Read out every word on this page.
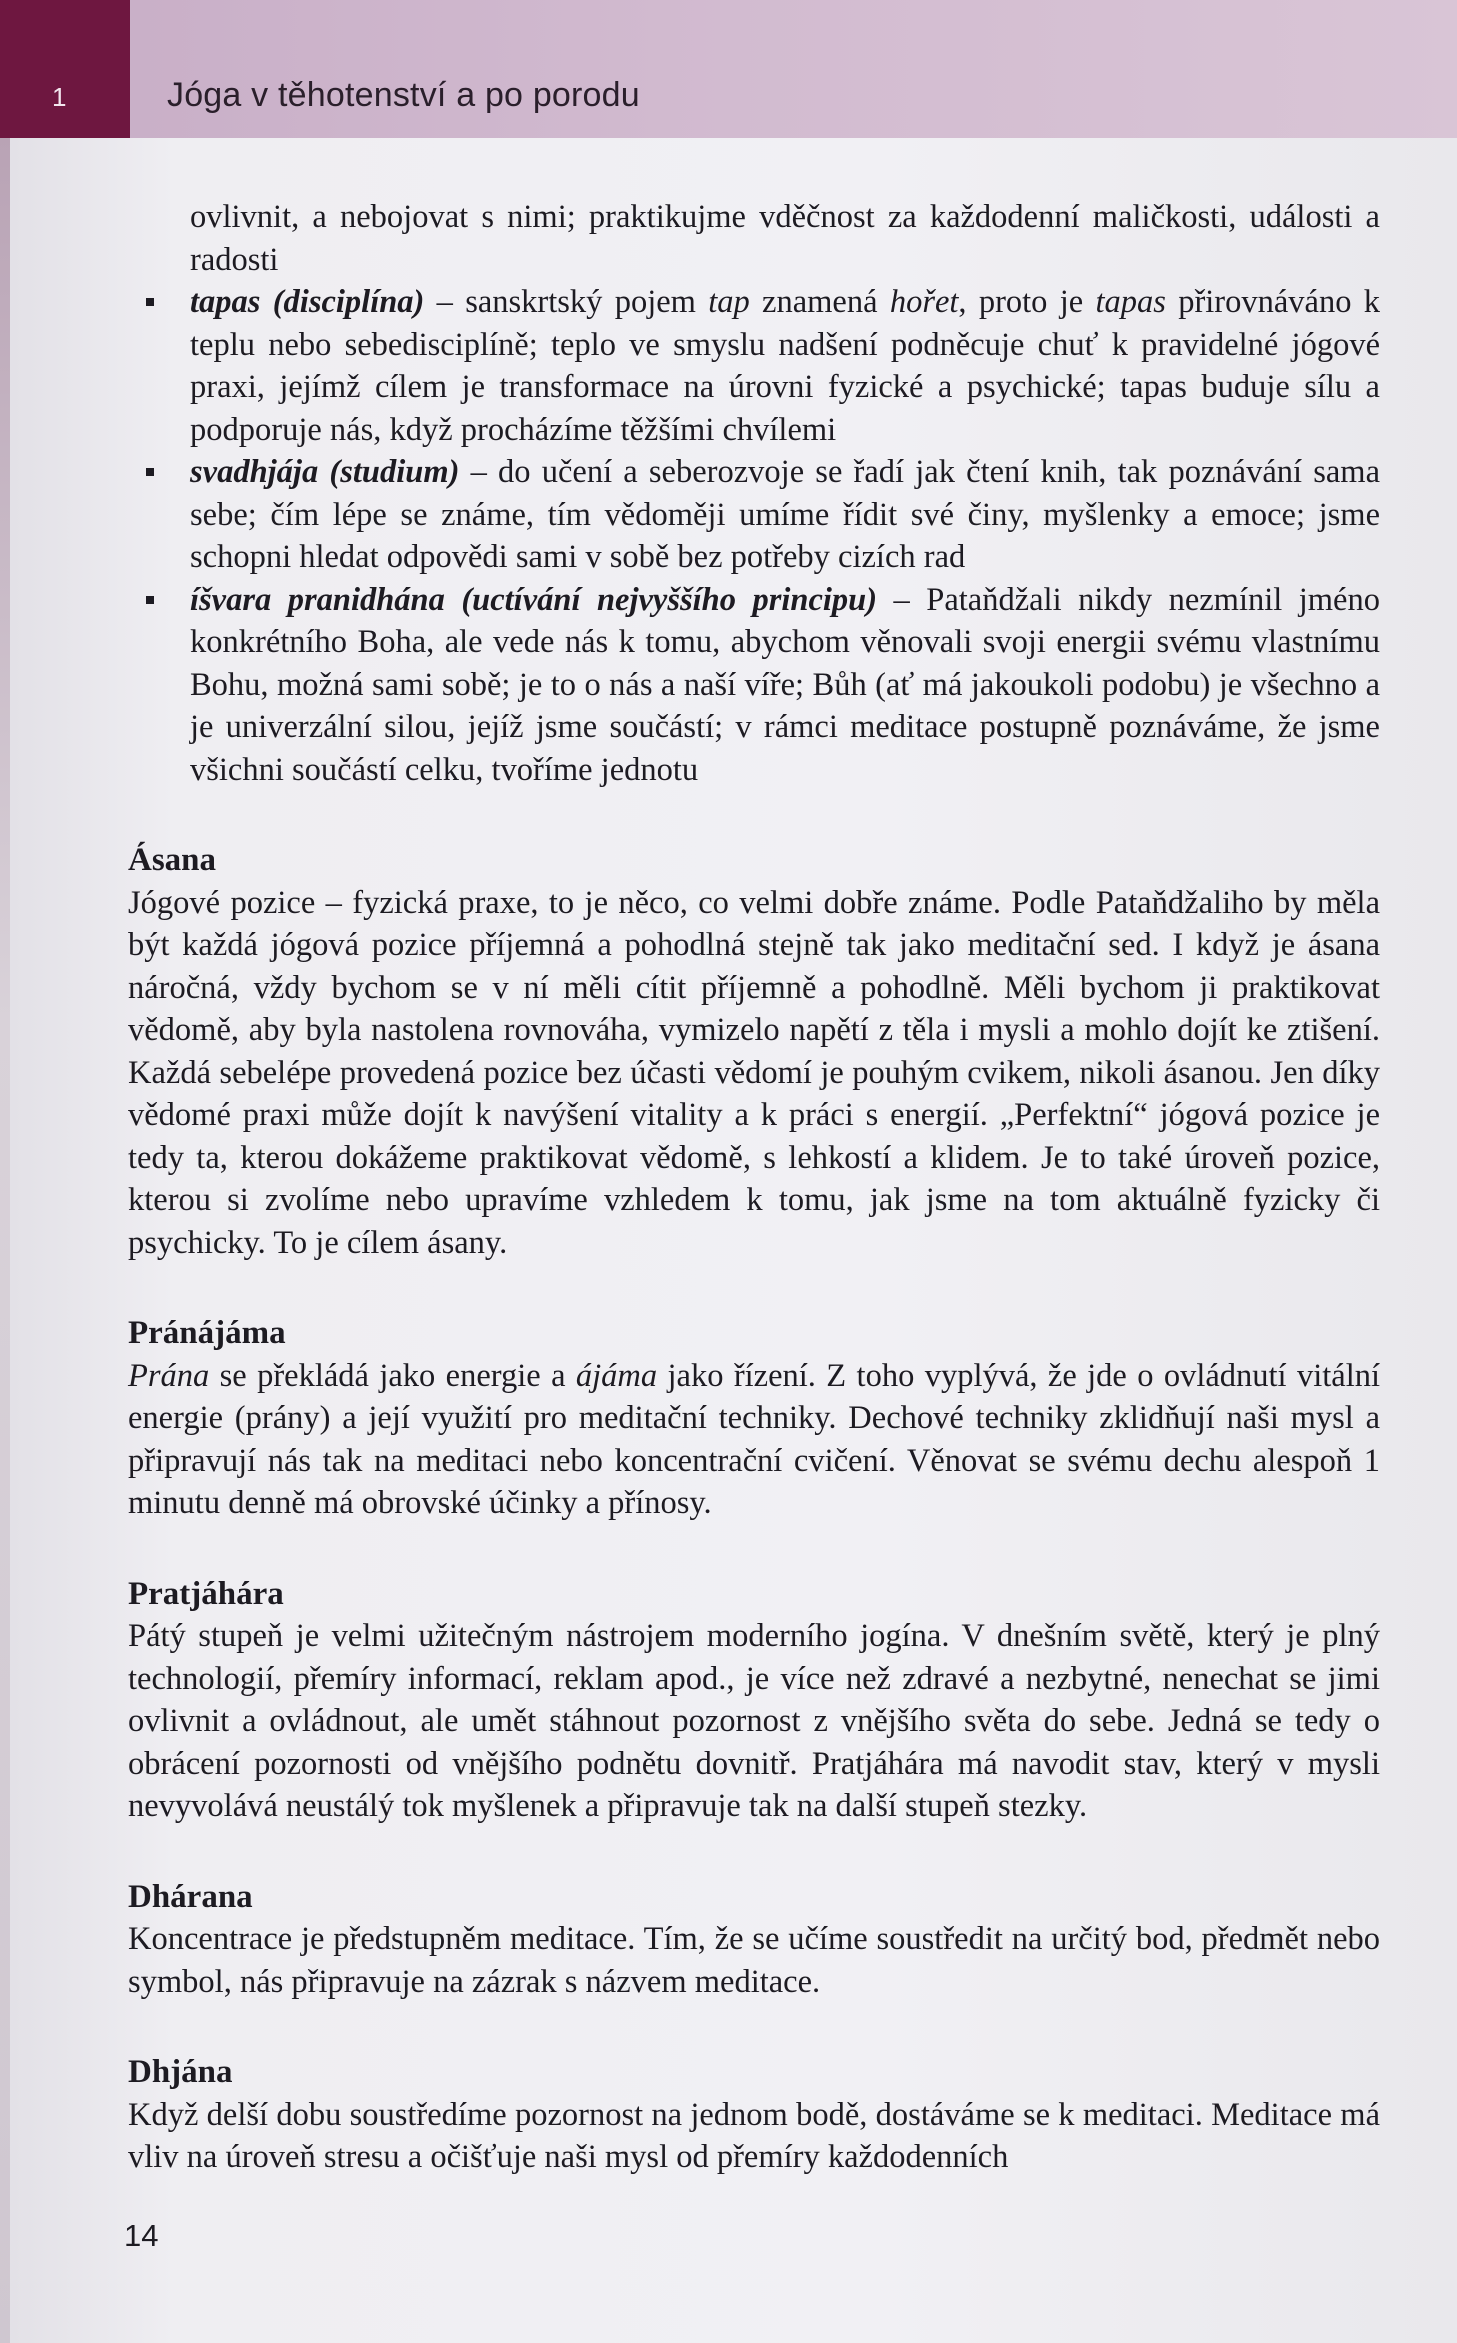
1	Jóga v těhotenství a po porodu

ovlivnit, a nebojovat s nimi; praktikujme vděčnost za každodenní maličkosti, události a radosti

tapas (disciplína) – sanskrtský pojem tap znamená hořet, proto je tapas přirovnáváno k teplu nebo sebedisciplíně; teplo ve smyslu nadšení podněcuje chuť k pravidelné jógové praxi, jejímž cílem je transformace na úrovni fyzické a psychické; tapas buduje sílu a podporuje nás, když procházíme těžšími chvílemi
svadhjája (studium) – do učení a seberozvoje se řadí jak čtení knih, tak poznávání sama sebe; čím lépe se známe, tím vědoměji umíme řídit své činy, myšlenky a emoce; jsme schopni hledat odpovědi sami v sobě bez potřeby cizích rad
íšvara pranidhána (uctívání nejvyššího principu) – Pataňdžali nikdy nezmínil jméno konkrétního Boha, ale vede nás k tomu, abychom věnovali svoji energii svému vlastnímu Bohu, možná sami sobě; je to o nás a naší víře; Bůh (ať má jakoukoli podobu) je všechno a je univerzální silou, jejíž jsme součástí; v rámci meditace postupně poznáváme, že jsme všichni součástí celku, tvoříme jednotu

Ásana

Jógové pozice – fyzická praxe, to je něco, co velmi dobře známe. Podle Pataňdžaliho by měla být každá jógová pozice příjemná a pohodlná stejně tak jako meditační sed. I když je ásana náročná, vždy bychom se v ní měli cítit příjemně a pohodlně. Měli bychom ji praktikovat vědomě, aby byla nastolena rovnováha, vymizelo napětí z těla i mysli a mohlo dojít ke ztišení. Každá sebelépe provedená pozice bez účasti vědomí je pouhým cvikem, nikoli ásanou. Jen díky vědomé praxi může dojít k navýšení vitality a k práci s energií. „Perfektní“ jógová pozice je tedy ta, kterou dokážeme praktikovat vědomě, s lehkostí a klidem. Je to také úroveň pozice, kterou si zvolíme nebo upravíme vzhledem k tomu, jak jsme na tom aktuálně fyzicky či psychicky. To je cílem ásany.

Pránájáma

Prána se překládá jako energie a ájáma jako řízení. Z toho vyplývá, že jde o ovládnutí vitální energie (prány) a její využití pro meditační techniky. Dechové techniky zklidňují naši mysl a připravují nás tak na meditaci nebo koncentrační cvičení. Věnovat se svému dechu alespoň 1 minutu denně má obrovské účinky a přínosy.

Pratjáhára

Pátý stupeň je velmi užitečným nástrojem moderního jogína. V dnešním světě, který je plný technologií, přemíry informací, reklam apod., je více než zdravé a nezbytné, nenechat se jimi ovlivnit a ovládnout, ale umět stáhnout pozornost z vnějšího světa do sebe. Jedná se tedy o obrácení pozornosti od vnějšího podnětu dovnitř. Pratjáhára má navodit stav, který v mysli nevyvolává neustálý tok myšlenek a připravuje tak na další stupeň stezky.

Dhárana

Koncentrace je předstupněm meditace. Tím, že se učíme soustředit na určitý bod, předmět nebo symbol, nás připravuje na zázrak s názvem meditace.

Dhjána

Když delší dobu soustředíme pozornost na jednom bodě, dostáváme se k meditaci. Meditace má vliv na úroveň stresu a očišťuje naši mysl od přemíry každodenních

14
